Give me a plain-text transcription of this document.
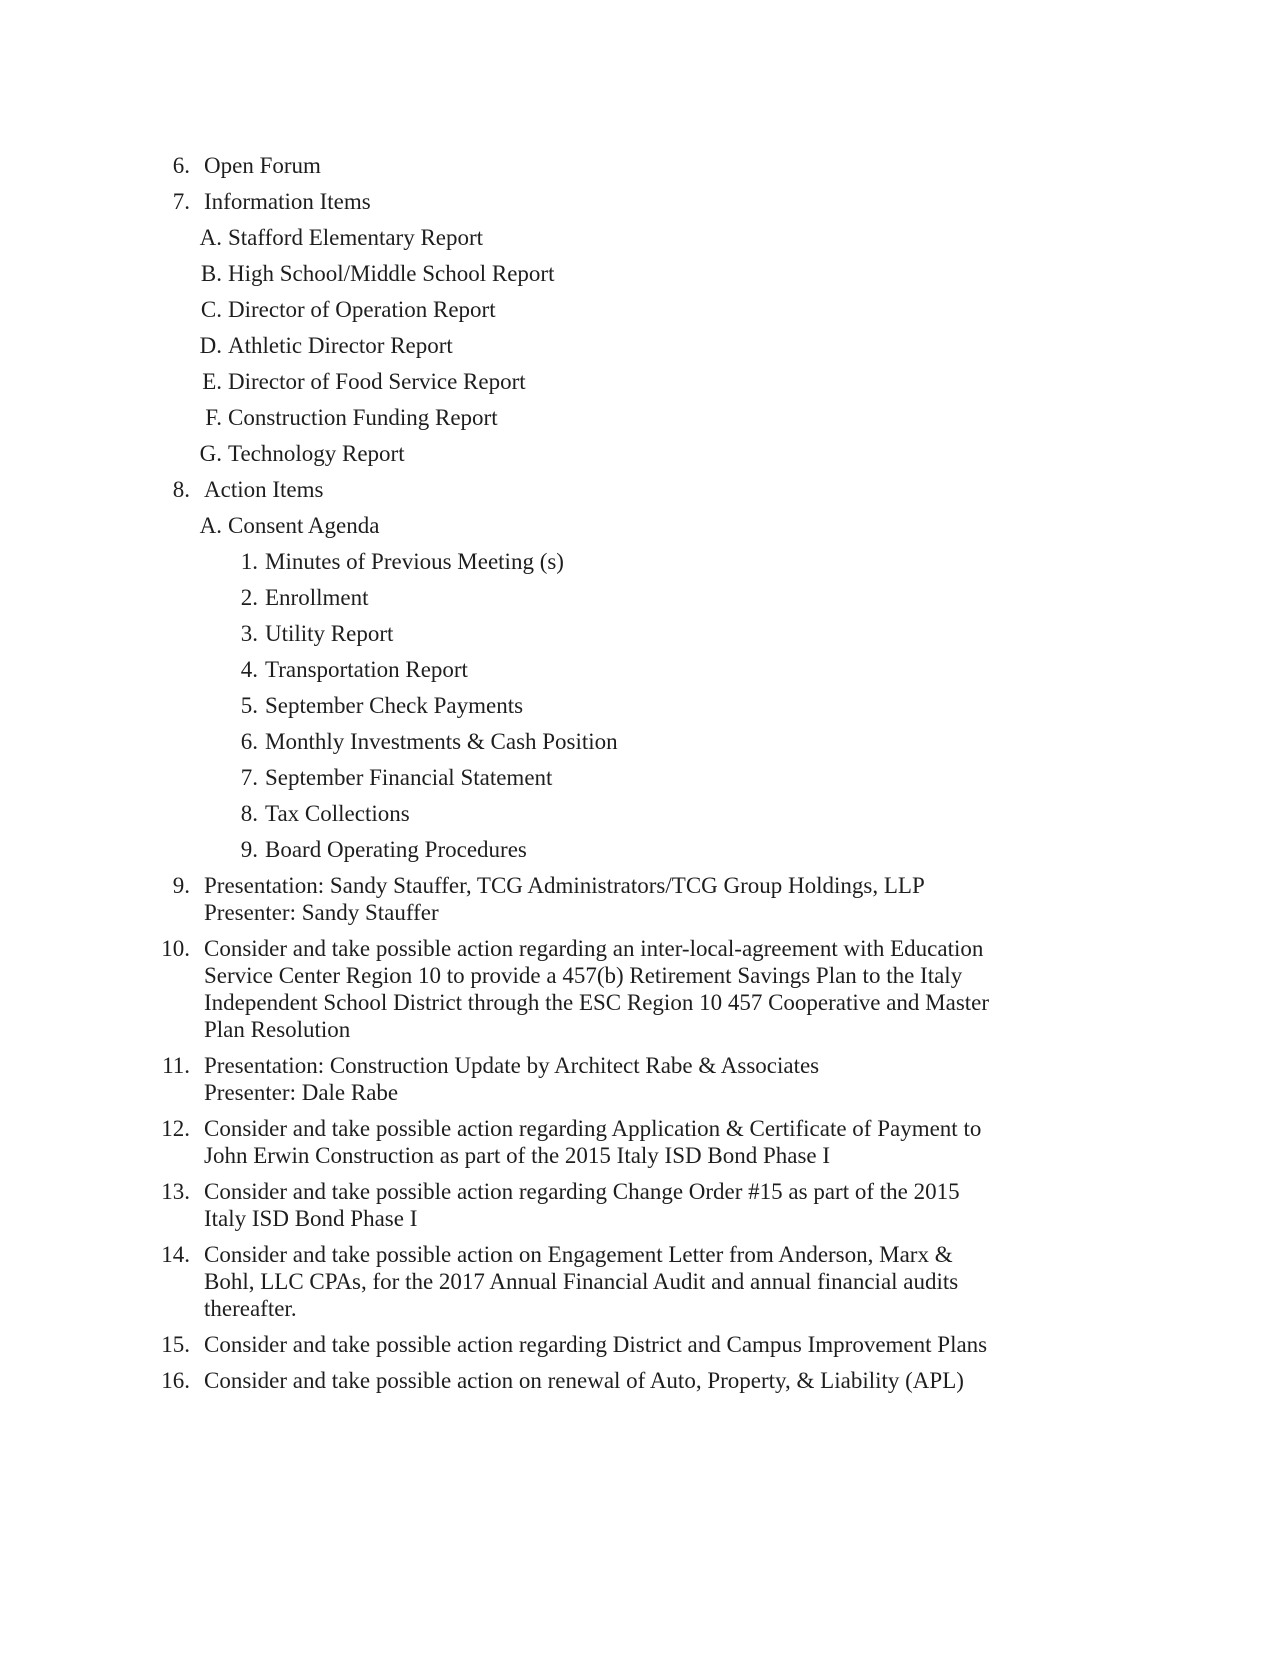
6. Open Forum
7. Information Items
A. Stafford Elementary Report
B. High School/Middle School Report
C. Director of Operation Report
D. Athletic Director Report
E. Director of Food Service Report
F. Construction Funding Report
G. Technology Report
8. Action Items
A. Consent Agenda
1. Minutes of Previous Meeting (s)
2. Enrollment
3. Utility Report
4. Transportation Report
5. September Check Payments
6. Monthly Investments & Cash Position
7. September Financial Statement
8. Tax Collections
9. Board Operating Procedures
9. Presentation: Sandy Stauffer, TCG Administrators/TCG Group Holdings, LLP
Presenter: Sandy Stauffer
10. Consider and take possible action regarding an inter-local-agreement with Education
Service Center Region 10 to provide a 457(b) Retirement Savings Plan to the Italy
Independent School District through the ESC Region 10 457 Cooperative and Master
Plan Resolution
11. Presentation: Construction Update by Architect Rabe & Associates
Presenter: Dale Rabe
12. Consider and take possible action regarding Application & Certificate of Payment to
John Erwin Construction as part of the 2015 Italy ISD Bond Phase I
13. Consider and take possible action regarding Change Order #15 as part of the 2015
Italy ISD Bond Phase I
14. Consider and take possible action on Engagement Letter from Anderson, Marx &
Bohl, LLC CPAs, for the 2017 Annual Financial Audit and annual financial audits
thereafter.
15. Consider and take possible action regarding District and Campus Improvement Plans
16. Consider and take possible action on renewal of Auto, Property, & Liability (APL)
